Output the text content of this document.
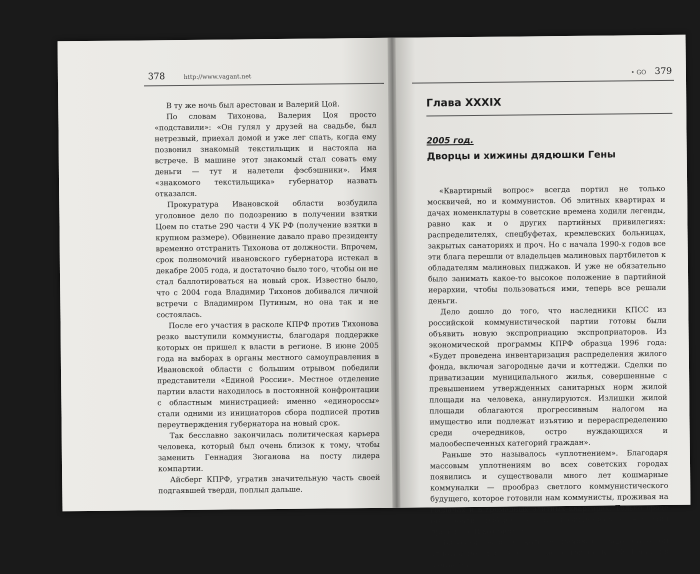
378	http://www.vagant.net

В ту же ночь был арестован и Валерий Цой.

По словам Тихонова, Валерия Цоя просто «подставили»: «Он гулял у друзей на свадьбе, был нетрезвый, приехал домой и уже лег спать, когда ему позвонил знакомый текстильщик и настояла на встрече. В машине этот знакомый стал совать ему деньги — тут и налетели фэсбэшники». Имя «знакомого текстильщика» губернатор назвать отказался.

Прокуратура Ивановской области возбудила уголовное дело по подозрению в получении взятки Цоем по статье 290 части 4 УК РФ (получение взятки в крупном размере). Обвинение давало право президенту временно отстранить Тихонова от должности. Впрочем, срок полномочий ивановского губернатора истекал в декабре 2005 года, и достаточно было того, чтобы он не стал баллотироваться на новый срок. Известно было, что с 2004 года Владимир Тихонов добивался личной встречи с Владимиром Путиным, но она так и не состоялась.

После его участия в расколе КПРФ против Тихонова резко выступили коммунисты, благодаря поддержке которых он пришел к власти в регионе. В июне 2005 года на выборах в органы местного самоуправления в Ивановской области с большим отрывом победили представители «Единой России». Местное отделение партии власти находилось в постоянной конфронтации с областным министрацией: именно «единороссы» стали одними из инициаторов сбора подписей против переутверждения губернатора на новый срок.

Так бесславно закончилась политическая карьера человека, который был очень близок к тому, чтобы заменить Геннадия Зюганова на посту лидера компартии.

Айсберг КПРФ, угратив значительную часть своей подгаявшей тверди, поплыл дальше.

• GO 379
Глава XXXIX
2005 год.
Дворцы и хижины дядюшки Гены

«Квартирный вопрос» всегда портил не только москвичей, но и коммунистов. Об элитных квартирах и дачах номенклатуры в советские времена ходили легенды, равно как и о других партийных привилегиях: распределителях, спецбуфетах, кремлевских больницах, закрытых санаториях и проч. Но с начала 1990-х годов все эти блага перешли от владельцев малиновых партбилетов к обладателям малиновых пиджаков. И уже не обязательно было занимать какое-то высокое положение в партийной иерархии, чтобы пользоваться ими, теперь все решали деньги.

Дело дошло до того, что наследники КПСС из российской коммунистической партии готовы были объявить новую экспроприацию экспроприаторов. Из экономической программы КПРФ образца 1996 года: «Будет проведена инвентаризация распределения жилого фонда, включая загородные дачи и коттеджи. Сделки по приватизации муниципального жилья, совершенные с превышением утвержденных санитарных норм жилой площади на человека, аннулируются. Излишки жилой площади облагаются прогрессивным налогом на имущество или подлежат изъятию и перераспределению среди очередников, остро нуждающихся и малообеспеченных категорий граждан».

Раньше это называлось «уплотнением». Благодаря массовым уплотнениям во всех советских городах появились и существовали много лет кошмарные коммуналки — прообраз светлого коммунистического будущего, которое готовили нам коммунисты, проживая на госдачах и в громадных элитных квартирах. Только вроде бы почти избавились от коммунального наследия прошлого. И вот опять?

Впрочем, если с кого и начинать надо было бы уплотнение, так это с самого вождя КПРФ Геннадия Зюганова.
